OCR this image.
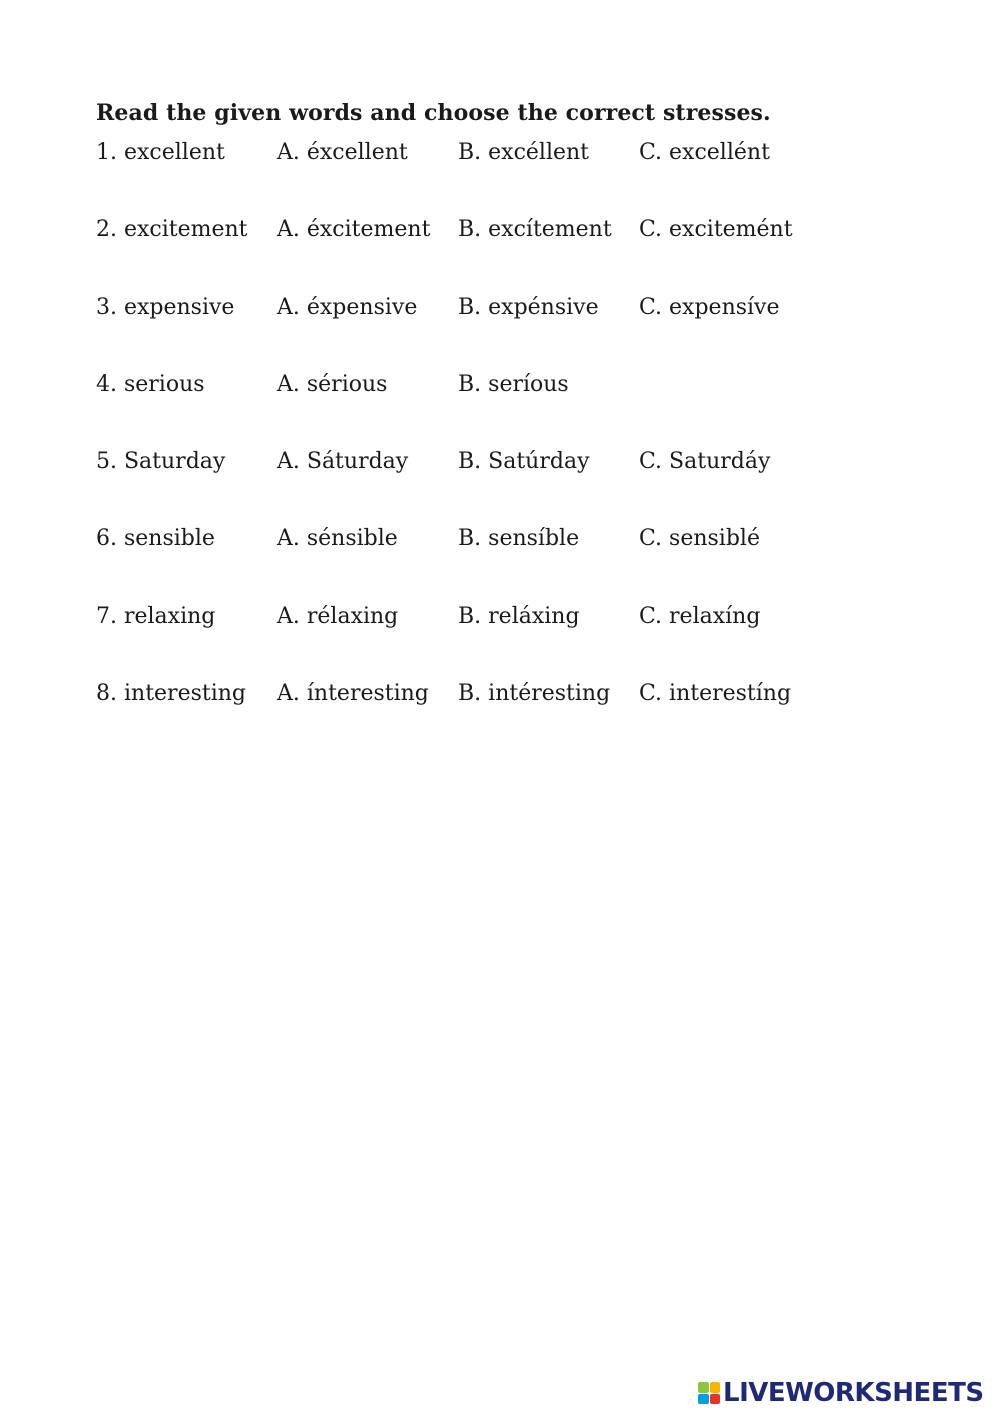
Read the given words and choose the correct stresses.
1. excellent A. éxcellent B. excéllent C. excellént
2. excitement A. éxcitement B. excítement C. excitemént
3. expensive A. éxpensive B. expénsive C. expensíve
4. serious	A. sérious	B. seríous
5. Saturday A. Sáturday B. Satúrday C. Saturdáy
6. sensible	A. sénsible	B. sensíble	C. sensiblé
7. relaxing	A. rélaxing	B. reláxing	C. relaxíng
8. interesting A. ínteresting B. intéresting C. interestíng
LIVEWORKSHEETS
